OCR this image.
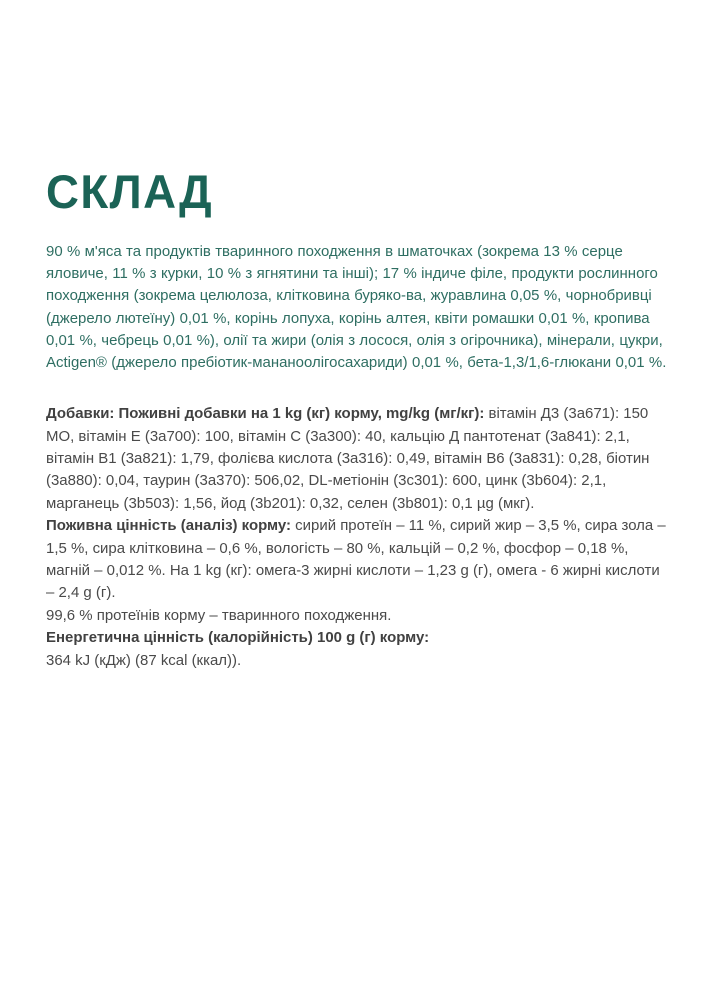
СКЛАД

90 % м'яса та продуктів тваринного походження в шматочках (зокрема 13 % серце яловиче, 11 % з курки, 10 % з ягнятини та інші); 17 % індиче філе, продукти рослинного походження (зокрема целюлоза, клітковина буряко-ва, журавлина 0,05 %, чорнобривці (джерело лютеїну) 0,01 %, корінь лопуха, корінь алтея, квіти ромашки 0,01 %, кропива 0,01 %, чебрець 0,01 %), олії та жири (олія з лосося, олія з огірочника), мінерали, цукри, Actigen® (джерело пребіотик-мананоолігосахариди) 0,01 %, бета-1,3/1,6-глюкани 0,01 %.

Добавки: Поживні добавки на 1 kg (кг) корму, mg/kg (мг/кг): вітамін Д3 (3а671): 150 МО, вітамін Е (3а700): 100, вітамін С (3а300): 40, кальцію Д пантотенат (3а841): 2,1, вітамін В1 (3а821): 1,79, фолієва кислота (3а316): 0,49, вітамін В6 (3а831): 0,28, біотин (3а880): 0,04, таурин (3а370): 506,02, DL-метіонін (3с301): 600, цинк (3b604): 2,1, марганець (3b503): 1,56, йод (3b201): 0,32, селен (3b801): 0,1 µg (мкг).

Поживна цінність (аналіз) корму: сирий протеїн – 11 %, сирий жир – 3,5 %, сира зола – 1,5 %, сира клітковина – 0,6 %, вологість – 80 %, кальцій – 0,2 %, фосфор – 0,18 %, магній – 0,012 %. На 1 kg (кг): омега-3 жирні кислоти – 1,23 g (г), омега - 6 жирні кислоти – 2,4 g (г).

99,6 % протеїнів корму – тваринного походження.

Енергетична цінність (калорійність) 100 g (г) корму:

364 kJ (кДж) (87 kcal (ккал)).
